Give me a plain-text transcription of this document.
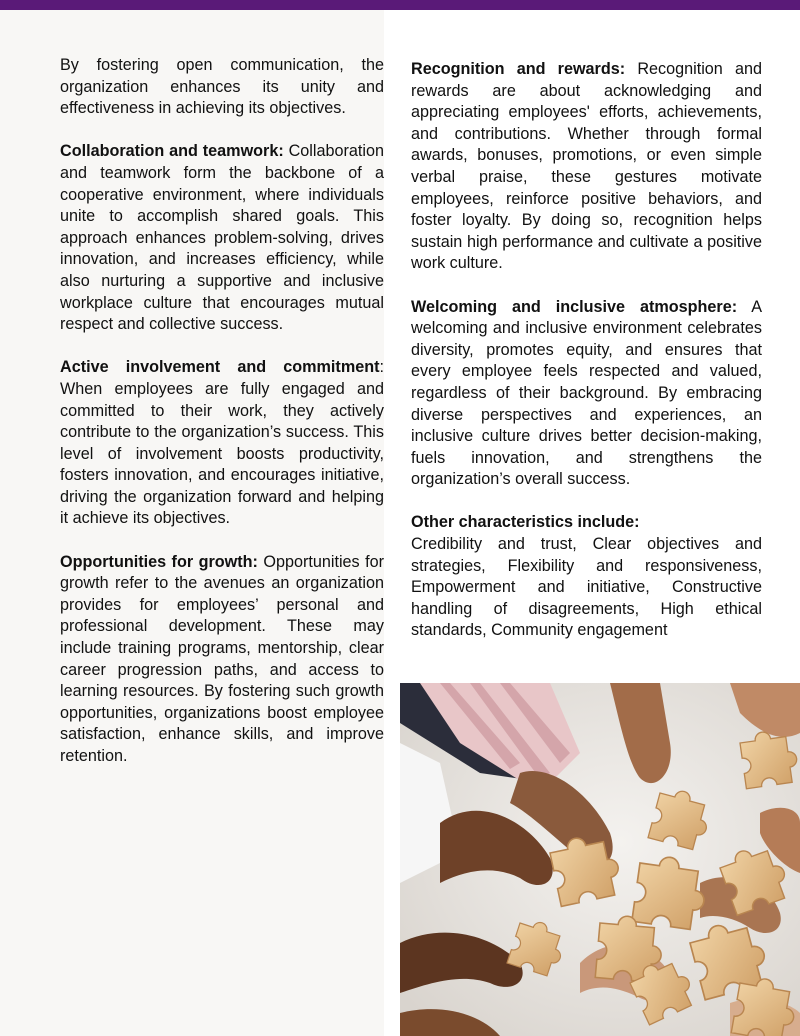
By fostering open communication, the organization enhances its unity and effectiveness in achieving its objectives.

Collaboration and teamwork: Collaboration and teamwork form the backbone of a cooperative environment, where individuals unite to accomplish shared goals. This approach enhances problem-solving, drives innovation, and increases efficiency, while also nurturing a supportive and inclusive workplace culture that encourages mutual respect and collective success.

Active involvement and commitment: When employees are fully engaged and committed to their work, they actively contribute to the organization’s success. This level of involvement boosts productivity, fosters innovation, and encourages initiative, driving the organization forward and helping it achieve its objectives.

Opportunities for growth: Opportunities for growth refer to the avenues an organization provides for employees’ personal and professional development. These may include training programs, mentorship, clear career progression paths, and access to learning resources. By fostering such growth opportunities, organizations boost employee satisfaction, enhance skills, and improve retention.

Recognition and rewards: Recognition and rewards are about acknowledging and appreciating employees' efforts, achievements, and contributions. Whether through formal awards, bonuses, promotions, or even simple verbal praise, these gestures motivate employees, reinforce positive behaviors, and foster loyalty. By doing so, recognition helps sustain high performance and cultivate a positive work culture.

Welcoming and inclusive atmosphere: A welcoming and inclusive environment celebrates diversity, promotes equity, and ensures that every employee feels respected and valued, regardless of their background. By embracing diverse perspectives and experiences, an inclusive culture drives better decision-making, fuels innovation, and strengthens the organization’s overall success.

Other characteristics include:
Credibility and trust, Clear objectives and strategies, Flexibility and responsiveness, Empowerment and initiative, Constructive handling of disagreements, High ethical standards, Community engagement
